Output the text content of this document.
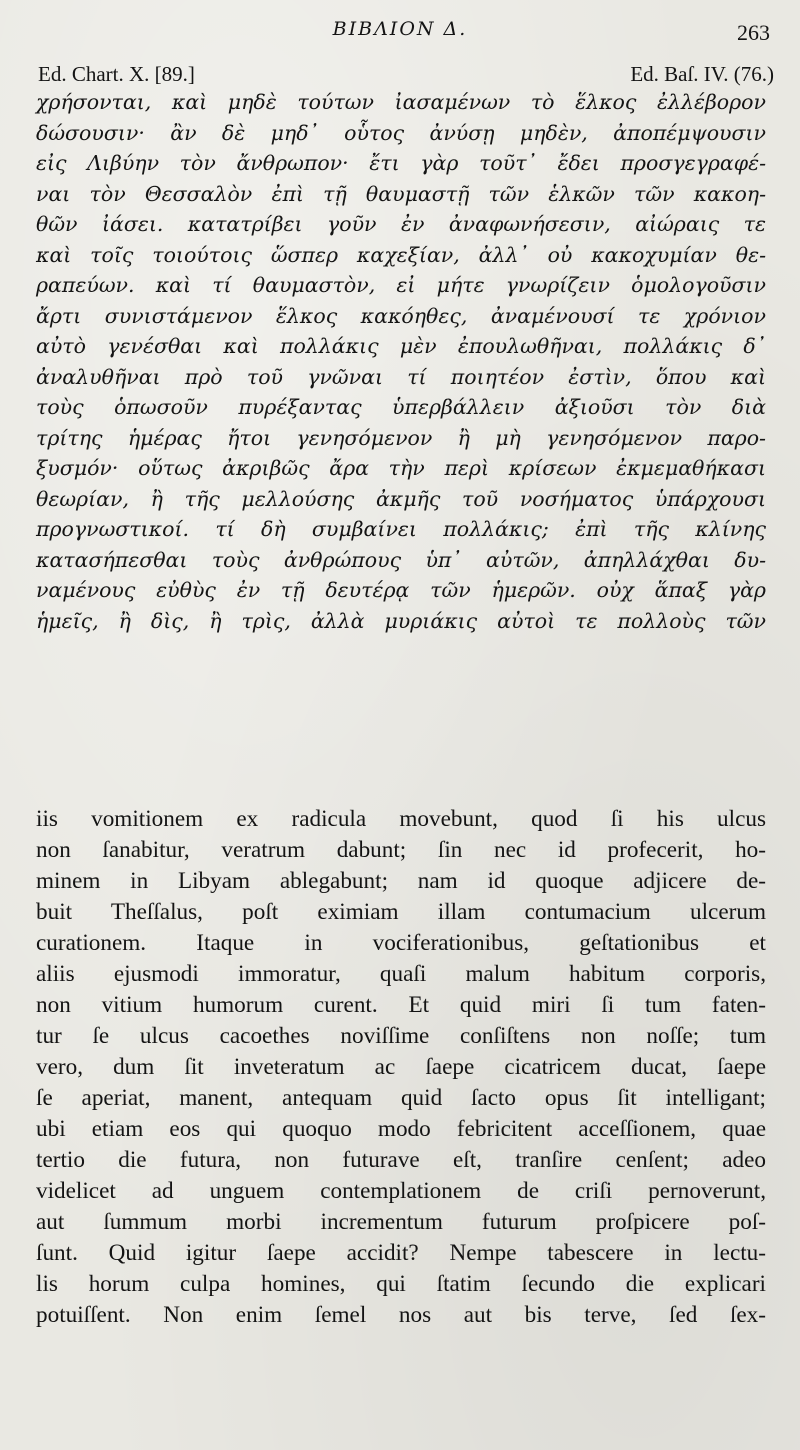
ΒΙΒΛΙΟΝ Δ.	263
Ed. Chart. X. [89.]	Ed. Baſ. IV. (76.)
χρήσονται, καὶ μηδὲ τούτων ἰασαμένων τὸ ἕλκος ἐλλέβορον
δώσουσιν· ἂν δὲ μηδ᾽ οὗτος ἀνύσῃ μηδὲν, ἀποπέμψουσιν
εἰς Λιβύην τὸν ἄνθρωπον· ἔτι γὰρ τοῦτ᾽ ἔδει προσγεγραφέ-
ναι τὸν Θεσσαλὸν ἐπὶ τῇ θαυμαστῇ τῶν ἑλκῶν τῶν κακοη-
θῶν ἰάσει. κατατρίβει γοῦν ἐν ἀναφωνήσεσιν, αἰώραις τε
καὶ τοῖς τοιούτοις ὥσπερ καχεξίαν, ἀλλ᾽ οὐ κακοχυμίαν θε-
ραπεύων. καὶ τί θαυμαστὸν, εἰ μήτε γνωρίζειν ὁμολογοῦσιν
ἄρτι συνιστάμενον ἕλκος κακόηθες, ἀναμένουσί τε χρόνιον
αὐτὸ γενέσθαι καὶ πολλάκις μὲν ἐπουλωθῆναι, πολλάκις δ᾽
ἀναλυθῆναι πρὸ τοῦ γνῶναι τί ποιητέον ἐστὶν, ὅπου καὶ
τοὺς ὁπωσοῦν πυρέξαντας ὑπερβάλλειν ἀξιοῦσι τὸν διὰ
τρίτης ἡμέρας ἤτοι γενησόμενον ἢ μὴ γενησόμενον παρο-
ξυσμόν· οὕτως ἀκριβῶς ἄρα τὴν περὶ κρίσεων ἐκμεμαθήκασι
θεωρίαν, ἢ τῆς μελλούσης ἀκμῆς τοῦ νοσήματος ὑπάρχουσι
προγνωστικοί. τί δὴ συμβαίνει πολλάκις; ἐπὶ τῆς κλίνης
κατασήπεσθαι τοὺς ἀνθρώπους ὑπ᾽ αὐτῶν, ἀπηλλάχθαι δυ-
ναμένους εὐθὺς ἐν τῇ δευτέρᾳ τῶν ἡμερῶν. οὐχ ἅπαξ γὰρ
ἡμεῖς, ἢ δὶς, ἢ τρὶς, ἀλλὰ μυριάκις αὐτοὶ τε πολλοὺς τῶν
iis vomitionem ex radicula movebunt, quod ſi his ulcus
non ſanabitur, veratrum dabunt; ſin nec id profecerit, ho-
minem in Libyam ablegabunt; nam id quoque adjicere de-
buit Theſſalus, poſt eximiam illam contumacium ulcerum
curationem. Itaque in vociferationibus, geſtationibus et
aliis ejusmodi immoratur, quaſi malum habitum corporis,
non vitium humorum curent. Et quid miri ſi tum faten-
tur ſe ulcus cacoethes noviſſime conſiſtens non noſſe; tum
vero, dum ſit inveteratum ac ſaepe cicatricem ducat, ſaepe
ſe aperiat, manent, antequam quid ſacto opus ſit intelligant;
ubi etiam eos qui quoquo modo febricitent acceſſionem, quae
tertio die futura, non futurave eſt, tranſire cenſent; adeo
videlicet ad unguem contemplationem de criſi pernoverunt,
aut ſummum morbi incrementum futurum proſpicere poſ-
ſunt. Quid igitur ſaepe accidit? Nempe tabescere in lectu-
lis horum culpa homines, qui ſtatim ſecundo die explicari
potuiſſent. Non enim ſemel nos aut bis terve, ſed ſex-
